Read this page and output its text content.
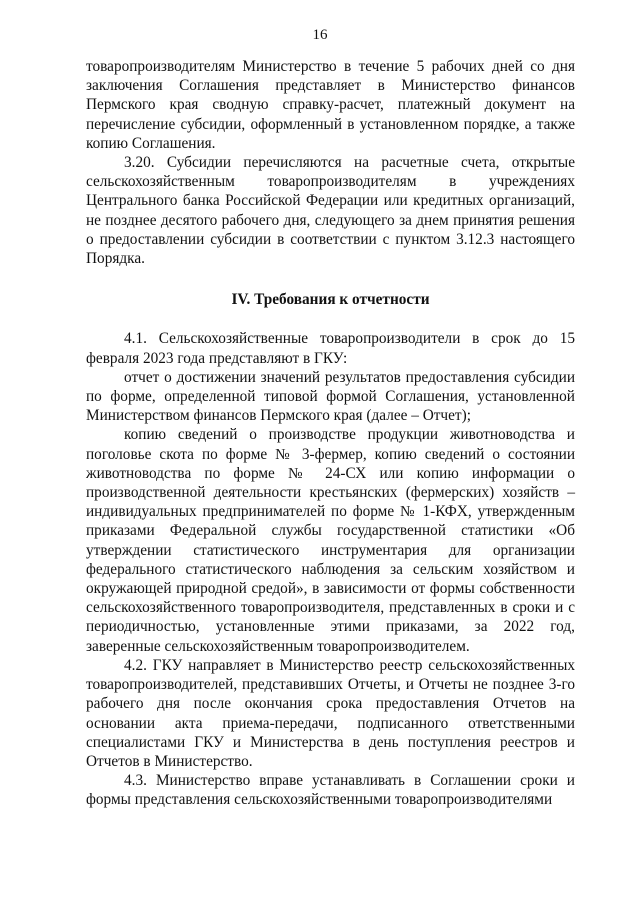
16

товаропроизводителям Министерство в течение 5 рабочих дней со дня заключения Соглашения представляет в Министерство финансов Пермского края сводную справку-расчет, платежный документ на перечисление субсидии, оформленный в установленном порядке, а также копию Соглашения.

3.20. Субсидии перечисляются на расчетные счета, открытые сельскохозяйственным товаропроизводителям в учреждениях Центрального банка Российской Федерации или кредитных организаций, не позднее десятого рабочего дня, следующего за днем принятия решения о предоставлении субсидии в соответствии с пунктом 3.12.3 настоящего Порядка.

IV. Требования к отчетности

4.1. Сельскохозяйственные товаропроизводители в срок до 15 февраля 2023 года представляют в ГКУ:

отчет о достижении значений результатов предоставления субсидии по форме, определенной типовой формой Соглашения, установленной Министерством финансов Пермского края (далее – Отчет);

копию сведений о производстве продукции животноводства и поголовье скота по форме № 3-фермер, копию сведений о состоянии животноводства по форме № 24-СХ или копию информации о производственной деятельности крестьянских (фермерских) хозяйств – индивидуальных предпринимателей по форме № 1-КФХ, утвержденным приказами Федеральной службы государственной статистики «Об утверждении статистического инструментария для организации федерального статистического наблюдения за сельским хозяйством и окружающей природной средой», в зависимости от формы собственности сельскохозяйственного товаропроизводителя, представленных в сроки и с периодичностью, установленные этими приказами, за 2022 год, заверенные сельскохозяйственным товаропроизводителем.

4.2. ГКУ направляет в Министерство реестр сельскохозяйственных товаропроизводителей, представивших Отчеты, и Отчеты не позднее 3-го рабочего дня после окончания срока предоставления Отчетов на основании акта приема-передачи, подписанного ответственными специалистами ГКУ и Министерства в день поступления реестров и Отчетов в Министерство.

4.3. Министерство вправе устанавливать в Соглашении сроки и формы представления сельскохозяйственными товаропроизводителями
